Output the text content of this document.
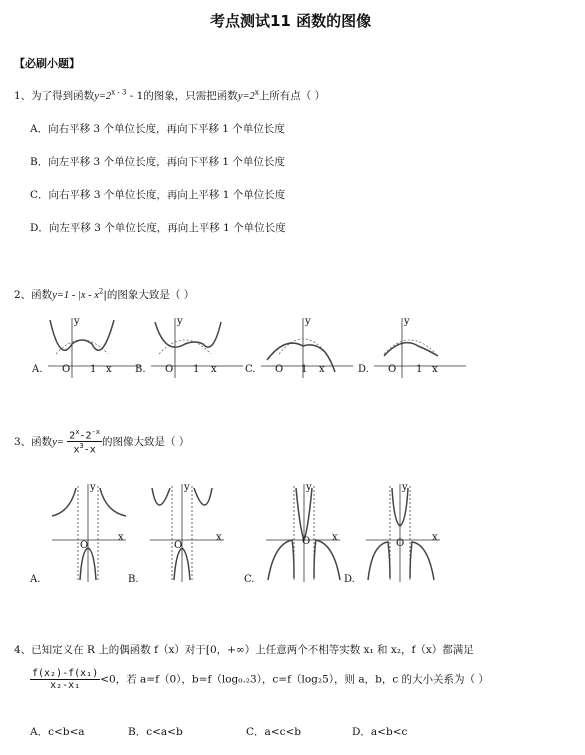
考点测试11 函数的图像
【必刷小题】
1、为了得到函数$y=2^{x - 3} - 1$的图象，只需把函数$y=2^x$上所有点（ ）
A．向右平移 3 个单位长度，再向下平移 1 个单位长度
B．向左平移 3 个单位长度，再向下平移 1 个单位长度
C．向右平移 3 个单位长度，再向上平移 1 个单位长度
D．向左平移 3 个单位长度，再向上平移 1 个单位长度
2、函数$y=1 - |x - x^2|$的图象大致是（ ）
A.
y
O 1 x B.
y
O 1 x	C.
y
O 1 x	D.
y
O 1 x
3、函数$y= \frac{2^x-2^{-x}}{x^3-x}$ 的图像大致是（ ）
A.
y
O
x
B.
y
O
x
C.
y
O x
D.
y
O
x
4、已知定义在 R 上的偶函数 f（x）对于[0，+∞）上任意两个不相等实数 x₁ 和 x₂，f（x）都满足
$\frac{\text{f(x₂)-f(x₁)}}{\text{x₂-x₁}} <0$，若 a=f（0），b=f（log₀.₂3），c=f（log₂5），则 a，b，c 的大小关系为（ ）
A．c<b<a	B．c<a<b	C．a<c<b	D．a<b<c
